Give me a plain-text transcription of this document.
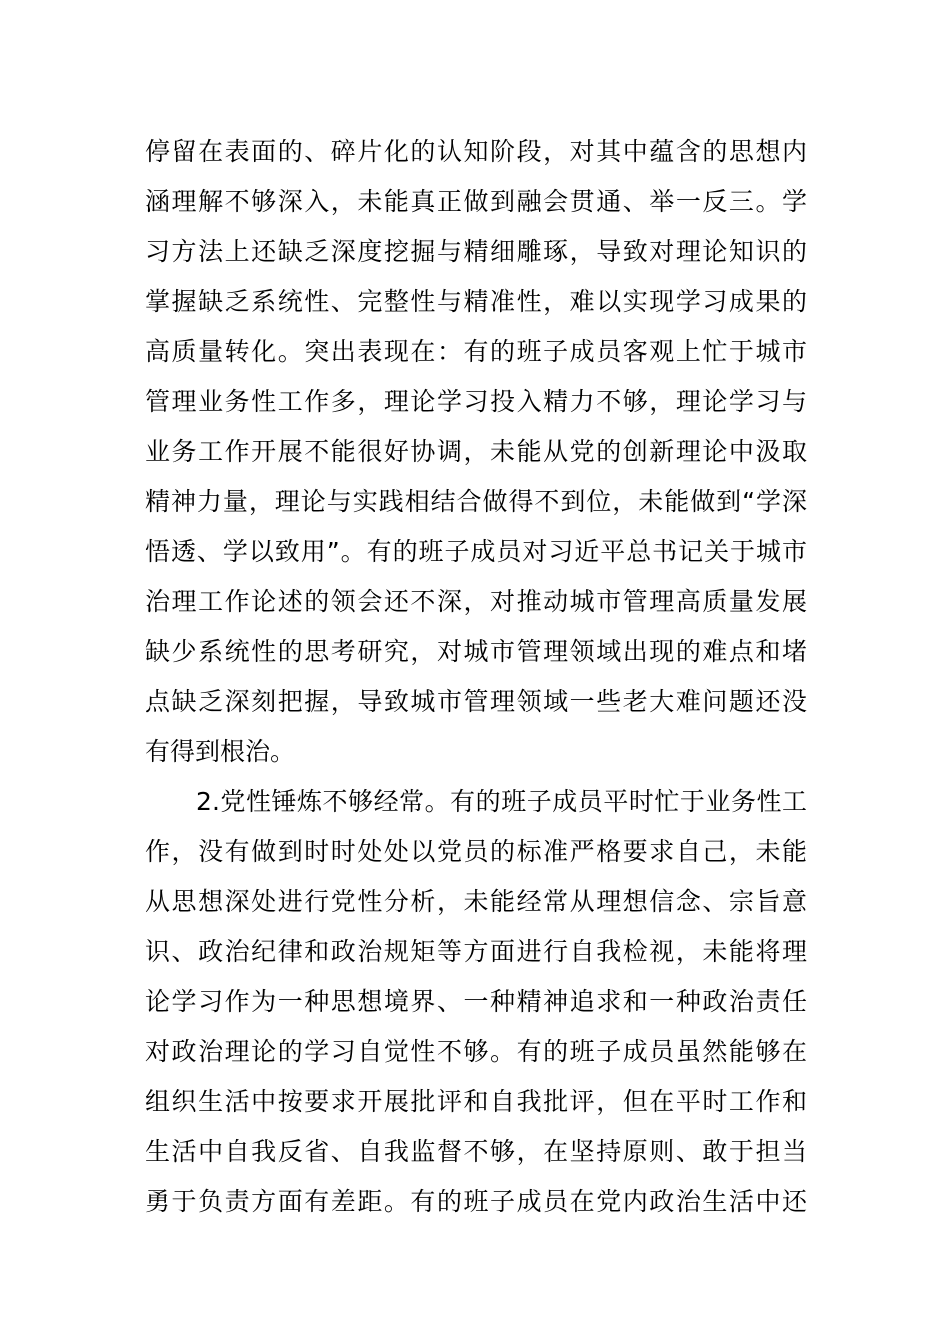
停留在表面的、碎片化的认知阶段，对其中蕴含的思想内
涵理解不够深入，未能真正做到融会贯通、举一反三。学
习方法上还缺乏深度挖掘与精细雕琢，导致对理论知识的
掌握缺乏系统性、完整性与精准性，难以实现学习成果的
高质量转化。突出表现在：有的班子成员客观上忙于城市
管理业务性工作多，理论学习投入精力不够，理论学习与
业务工作开展不能很好协调，未能从党的创新理论中汲取
精神力量，理论与实践相结合做得不到位，未能做到“学深
悟透、学以致用”。有的班子成员对习近平总书记关于城市
治理工作论述的领会还不深，对推动城市管理高质量发展
缺少系统性的思考研究，对城市管理领域出现的难点和堵
点缺乏深刻把握，导致城市管理领域一些老大难问题还没
有得到根治。
　　2.党性锤炼不够经常。有的班子成员平时忙于业务性工
作，没有做到时时处处以党员的标准严格要求自己，未能
从思想深处进行党性分析，未能经常从理想信念、宗旨意
识、政治纪律和政治规矩等方面进行自我检视，未能将理
论学习作为一种思想境界、一种精神追求和一种政治责任
对政治理论的学习自觉性不够。有的班子成员虽然能够在
组织生活中按要求开展批评和自我批评，但在平时工作和
生活中自我反省、自我监督不够，在坚持原则、敢于担当
勇于负责方面有差距。有的班子成员在党内政治生活中还
